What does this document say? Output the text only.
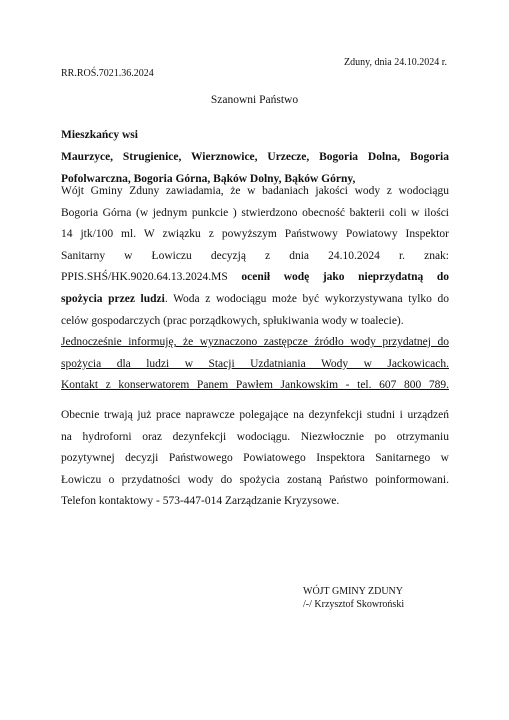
Zduny, dnia 24.10.2024 r.
RR.ROŚ.7021.36.2024
Szanowni Państwo
Mieszkańcy wsi
Maurzyce, Strugienice, Wierznowice, Urzecze, Bogoria Dolna, Bogoria
Pofolwarczna, Bogoria Górna, Bąków Dolny, Bąków Górny,
Wójt Gminy Zduny zawiadamia, że w badaniach jakości wody z wodociągu
Bogoria Górna (w jednym punkcie ) stwierdzono obecność bakterii coli w ilości
14 jtk/100 ml. W związku z powyższym Państwowy Powiatowy Inspektor
Sanitarny w Łowiczu decyzją z dnia 24.10.2024 r. znak:
PPIS.SHŚ/HK.9020.64.13.2024.MS ocenił wodę jako nieprzydatną do
spożycia przez ludzi. Woda z wodociągu może być wykorzystywana tylko do
celów gospodarczych (prac porządkowych, spłukiwania wody w toalecie).
Jednocześnie informuję, że wyznaczono zastępcze źródło wody przydatnej do
spożycia dla ludzi w Stacji Uzdatniania Wody w Jackowicach.
Kontakt z konserwatorem Panem Pawłem Jankowskim - tel. 607 800 789.
Obecnie trwają już prace naprawcze polegające na dezynfekcji studni i urządzeń
na hydroforni oraz dezynfekcji wodociągu. Niezwłocznie po otrzymaniu
pozytywnej decyzji Państwowego Powiatowego Inspektora Sanitarnego w
Łowiczu o przydatności wody do spożycia zostaną Państwo poinformowani.
Telefon kontaktowy - 573-447-014 Zarządzanie Kryzysowe.
WÓJT GMINY ZDUNY
/-/ Krzysztof Skowroński
